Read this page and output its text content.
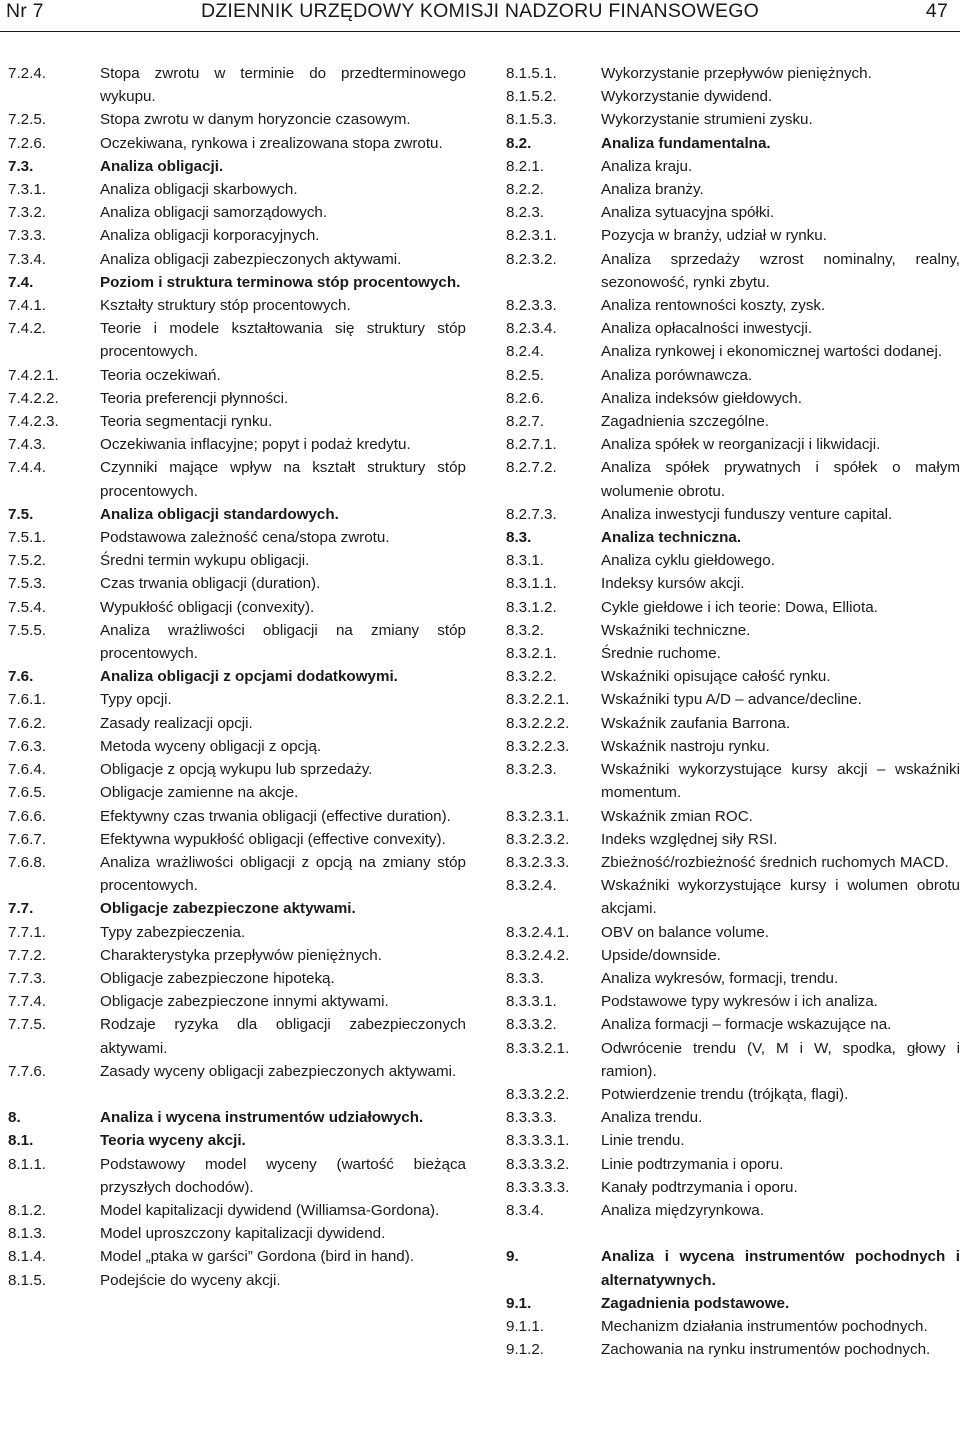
Nr 7	DZIENNIK URZĘDOWY KOMISJI NADZORU FINANSOWEGO	47
7.2.4.	Stopa zwrotu w terminie do przedterminowego wykupu.
7.2.5.	Stopa zwrotu w danym horyzoncie czasowym.
7.2.6.	Oczekiwana, rynkowa i zrealizowana stopa zwrotu.
7.3.	Analiza obligacji.
7.3.1.	Analiza obligacji skarbowych.
7.3.2.	Analiza obligacji samorządowych.
7.3.3.	Analiza obligacji korporacyjnych.
7.3.4.	Analiza obligacji zabezpieczonych aktywami.
7.4.	Poziom i struktura terminowa stóp procentowych.
7.4.1.	Kształty struktury stóp procentowych.
7.4.2.	Teorie i modele kształtowania się struktury stóp procentowych.
7.4.2.1.	Teoria oczekiwań.
7.4.2.2.	Teoria preferencji płynności.
7.4.2.3.	Teoria segmentacji rynku.
7.4.3.	Oczekiwania inflacyjne; popyt i podaż kredytu.
7.4.4.	Czynniki mające wpływ na kształt struktury stóp procentowych.
7.5.	Analiza obligacji standardowych.
7.5.1.	Podstawowa zależność cena/stopa zwrotu.
7.5.2.	Średni termin wykupu obligacji.
7.5.3.	Czas trwania obligacji (duration).
7.5.4.	Wypukłość obligacji (convexity).
7.5.5.	Analiza wrażliwości obligacji na zmiany stóp procentowych.
7.6.	Analiza obligacji z opcjami dodatkowymi.
7.6.1.	Typy opcji.
7.6.2.	Zasady realizacji opcji.
7.6.3.	Metoda wyceny obligacji z opcją.
7.6.4.	Obligacje z opcją wykupu lub sprzedaży.
7.6.5.	Obligacje zamienne na akcje.
7.6.6.	Efektywny czas trwania obligacji (effective duration).
7.6.7.	Efektywna wypukłość obligacji (effective convexity).
7.6.8.	Analiza wrażliwości obligacji z opcją na zmiany stóp procentowych.
7.7.	Obligacje zabezpieczone aktywami.
7.7.1.	Typy zabezpieczenia.
7.7.2.	Charakterystyka przepływów pieniężnych.
7.7.3.	Obligacje zabezpieczone hipoteką.
7.7.4.	Obligacje zabezpieczone innymi aktywami.
7.7.5.	Rodzaje ryzyka dla obligacji zabezpieczonych aktywami.
7.7.6.	Zasady wyceny obligacji zabezpieczonych aktywami.
8.	Analiza i wycena instrumentów udziałowych.
8.1.	Teoria wyceny akcji.
8.1.1.	Podstawowy model wyceny (wartość bieżąca przyszłych dochodów).
8.1.2.	Model kapitalizacji dywidend (Williamsa-Gordona).
8.1.3.	Model uproszczony kapitalizacji dywidend.
8.1.4.	Model „ptaka w garści” Gordona (bird in hand).
8.1.5.	Podejście do wyceny akcji.
8.1.5.1.	Wykorzystanie przepływów pieniężnych.
8.1.5.2.	Wykorzystanie dywidend.
8.1.5.3.	Wykorzystanie strumieni zysku.
8.2.	Analiza fundamentalna.
8.2.1.	Analiza kraju.
8.2.2.	Analiza branży.
8.2.3.	Analiza sytuacyjna spółki.
8.2.3.1.	Pozycja w branży, udział w rynku.
8.2.3.2.	Analiza sprzedaży wzrost nominalny, realny, sezonowość, rynki zbytu.
8.2.3.3.	Analiza rentowności koszty, zysk.
8.2.3.4.	Analiza opłacalności inwestycji.
8.2.4.	Analiza rynkowej i ekonomicznej wartości dodanej.
8.2.5.	Analiza porównawcza.
8.2.6.	Analiza indeksów giełdowych.
8.2.7.	Zagadnienia szczególne.
8.2.7.1.	Analiza spółek w reorganizacji i likwidacji.
8.2.7.2.	Analiza spółek prywatnych i spółek o małym wolumenie obrotu.
8.2.7.3.	Analiza inwestycji funduszy venture capital.
8.3.	Analiza techniczna.
8.3.1.	Analiza cyklu giełdowego.
8.3.1.1.	Indeksy kursów akcji.
8.3.1.2.	Cykle giełdowe i ich teorie: Dowa, Elliota.
8.3.2.	Wskaźniki techniczne.
8.3.2.1.	Średnie ruchome.
8.3.2.2.	Wskaźniki opisujące całość rynku.
8.3.2.2.1.	Wskaźniki typu A/D – advance/decline.
8.3.2.2.2.	Wskaźnik zaufania Barrona.
8.3.2.2.3.	Wskaźnik nastroju rynku.
8.3.2.3.	Wskaźniki wykorzystujące kursy akcji – wskaźniki momentum.
8.3.2.3.1.	Wskaźnik zmian ROC.
8.3.2.3.2.	Indeks względnej siły RSI.
8.3.2.3.3.	Zbieżność/rozbieżność średnich ruchomych MACD.
8.3.2.4.	Wskaźniki wykorzystujące kursy i wolumen obrotu akcjami.
8.3.2.4.1.	OBV on balance volume.
8.3.2.4.2.	Upside/downside.
8.3.3.	Analiza wykresów, formacji, trendu.
8.3.3.1.	Podstawowe typy wykresów i ich analiza.
8.3.3.2.	Analiza formacji – formacje wskazujące na.
8.3.3.2.1.	Odwrócenie trendu (V, M i W, spodka, głowy i ramion).
8.3.3.2.2.	Potwierdzenie trendu (trójkąta, flagi).
8.3.3.3.	Analiza trendu.
8.3.3.3.1.	Linie trendu.
8.3.3.3.2.	Linie podtrzymania i oporu.
8.3.3.3.3.	Kanały podtrzymania i oporu.
8.3.4.	Analiza międzyrynkowa.
9.	Analiza i wycena instrumentów pochodnych i alternatywnych.
9.1.	Zagadnienia podstawowe.
9.1.1.	Mechanizm działania instrumentów pochodnych.
9.1.2.	Zachowania na rynku instrumentów pochodnych.
